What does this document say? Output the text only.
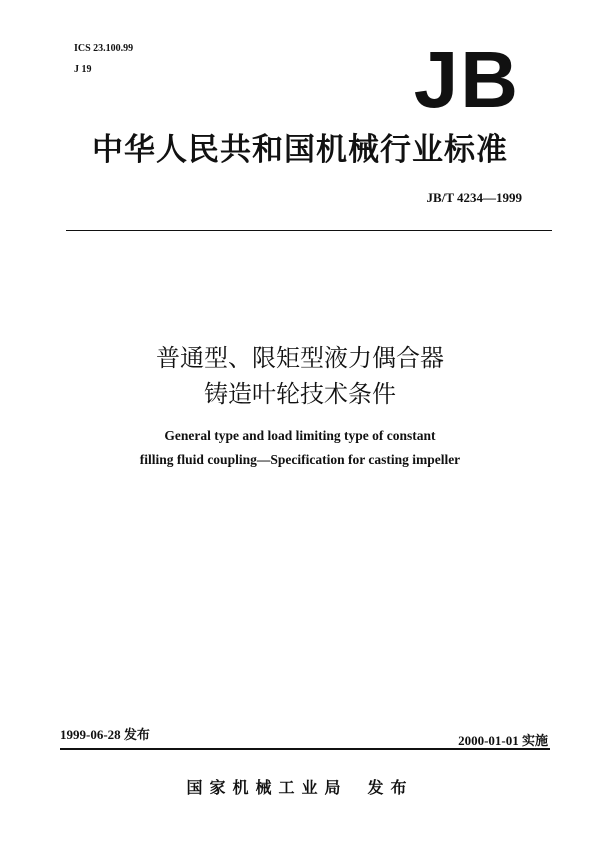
ICS 23.100.99
J 19	JB
中华人民共和国机械行业标准
JB/T 4234—1999
普通型、限矩型液力偶合器
铸造叶轮技术条件
General type and load limiting type of constant
filling fluid coupling—Specification for casting impeller
1999-06-28 发布	2000-01-01 实施
国家机械工业局 发布
